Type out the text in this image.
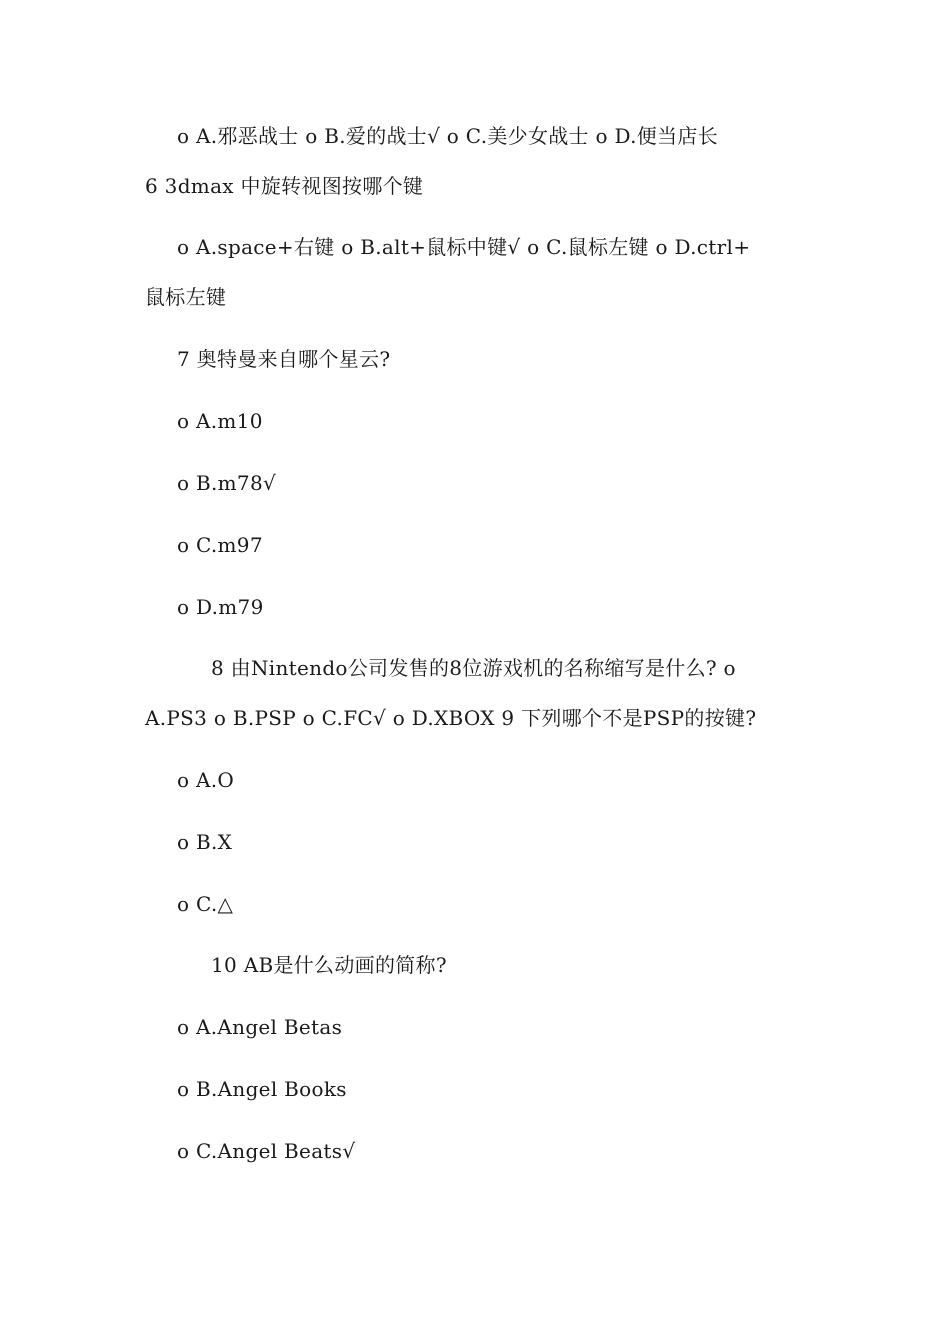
o A.邪恶战士 o B.爱的战士√ o C.美少女战士 o D.便当店长
6 3dmax 中旋转视图按哪个键
o A.space+右键 o B.alt+鼠标中键√ o C.鼠标左键 o D.ctrl+
鼠标左键
7 奥特曼来自哪个星云?
o A.m10
o B.m78√
o C.m97
o D.m79
8 由Nintendo公司发售的8位游戏机的名称缩写是什么? o
A.PS3 o B.PSP o C.FC√ o D.XBOX 9 下列哪个不是PSP的按键?
o A.O
o B.X
o C.△
10 AB是什么动画的简称?
o A.Angel Betas
o B.Angel Books
o C.Angel Beats√
